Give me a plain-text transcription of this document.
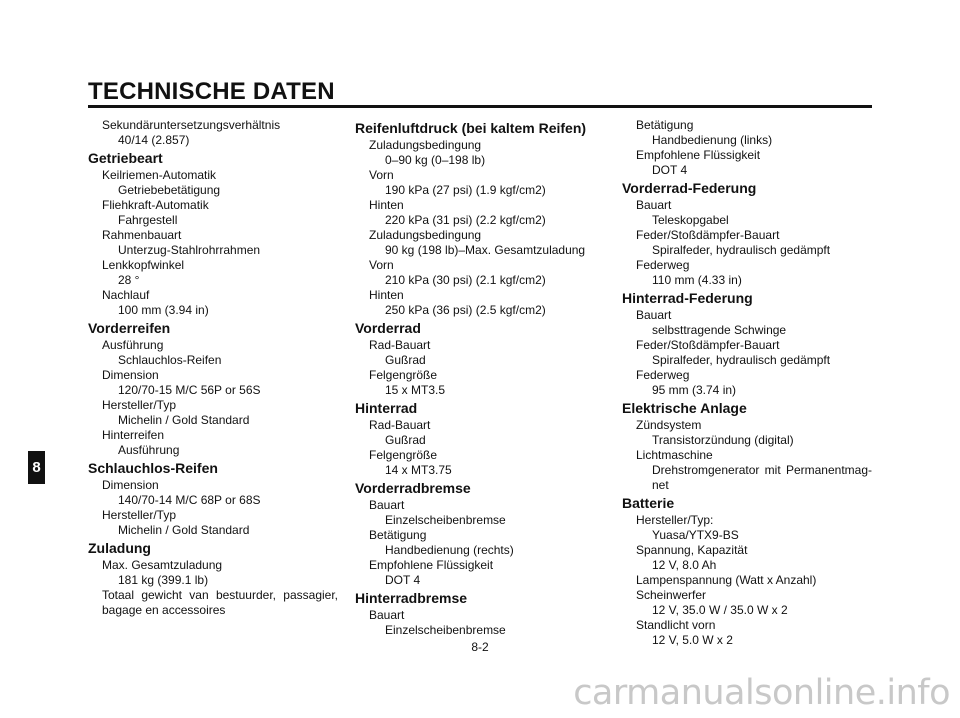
TECHNISCHE DATEN
Sekundäruntersetzungsverhältnis
40/14 (2.857)
Getriebeart
Keilriemen-Automatik
Getriebebetätigung
Fliehkraft-Automatik
Fahrgestell
Rahmenbauart
Unterzug-Stahlrohrrahmen
Lenkkopfwinkel
28 °
Nachlauf
100 mm (3.94 in)
Vorderreifen
Ausführung
Schlauchlos-Reifen
Dimension
120/70-15 M/C 56P or 56S
Hersteller/Typ
Michelin / Gold Standard
Hinterreifen
Ausführung
Schlauchlos-Reifen
Dimension
140/70-14 M/C 68P or 68S
Hersteller/Typ
Michelin / Gold Standard
Zuladung
Max. Gesamtzuladung
181 kg (399.1 lb)
Totaal gewicht van bestuurder, passagier, bagage en accessoires
Reifenluftdruck (bei kaltem Reifen)
Zuladungsbedingung
0–90 kg (0–198 lb)
Vorn
190 kPa (27 psi) (1.9 kgf/cm2)
Hinten
220 kPa (31 psi) (2.2 kgf/cm2)
Zuladungsbedingung
90 kg (198 lb)–Max. Gesamtzuladung
Vorn
210 kPa (30 psi) (2.1 kgf/cm2)
Hinten
250 kPa (36 psi) (2.5 kgf/cm2)
Vorderrad
Rad-Bauart
Gußrad
Felgengröße
15 x MT3.5
Hinterrad
Rad-Bauart
Gußrad
Felgengröße
14 x MT3.75
Vorderradbremse
Bauart
Einzelscheibenbremse
Betätigung
Handbedienung (rechts)
Empfohlene Flüssigkeit
DOT 4
Hinterradbremse
Bauart
Einzelscheibenbremse
Betätigung
Handbedienung (links)
Empfohlene Flüssigkeit
DOT 4
Vorderrad-Federung
Bauart
Teleskopgabel
Feder/Stoßdämpfer-Bauart
Spiralfeder, hydraulisch gedämpft
Federweg
110 mm (4.33 in)
Hinterrad-Federung
Bauart
selbsttragende Schwinge
Feder/Stoßdämpfer-Bauart
Spiralfeder, hydraulisch gedämpft
Federweg
95 mm (3.74 in)
Elektrische Anlage
Zündsystem
Transistorzündung (digital)
Lichtmaschine
Drehstromgenerator mit Permanentmag-net
Batterie
Hersteller/Typ:
Yuasa/YTX9-BS
Spannung, Kapazität
12 V, 8.0 Ah
Lampenspannung (Watt x Anzahl)
Scheinwerfer
12 V, 35.0 W / 35.0 W x 2
Standlicht vorn
12 V, 5.0 W x 2
8
8-2
carmanualsonline.info
